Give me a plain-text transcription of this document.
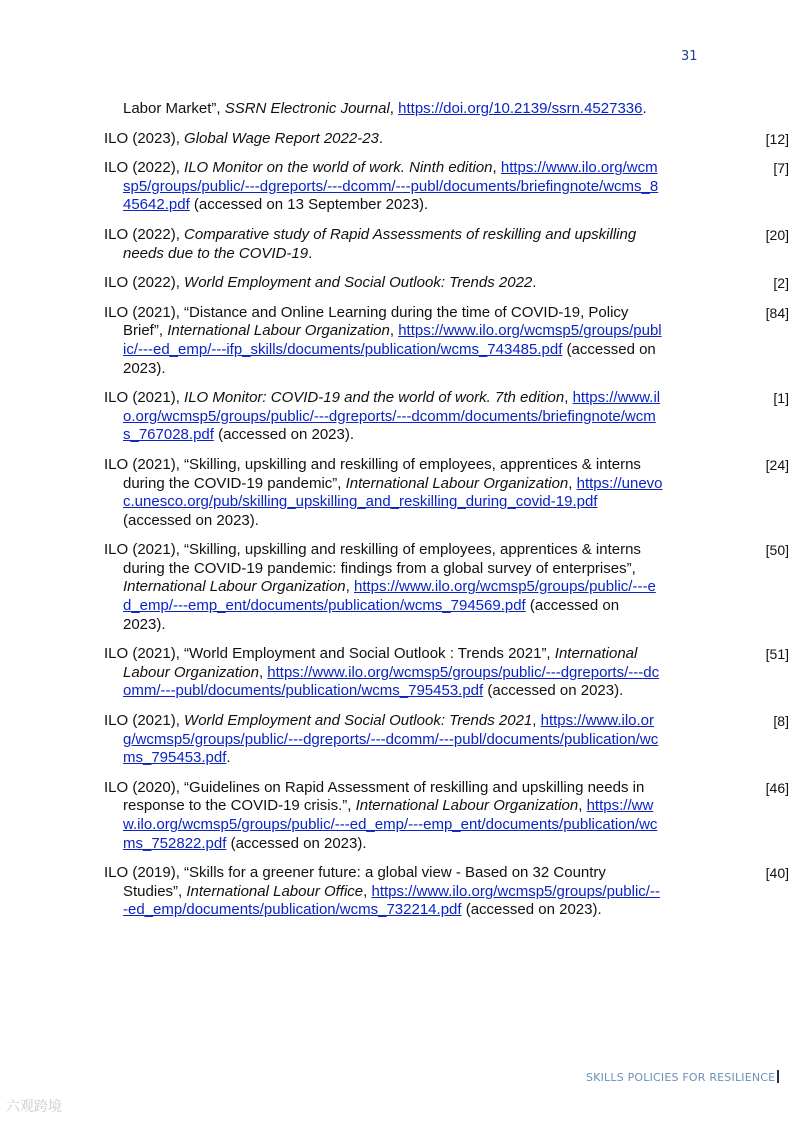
31
Labor Market”, SSRN Electronic Journal, https://doi.org/10.2139/ssrn.4527336.
ILO (2023), Global Wage Report 2022-23.	[12]
ILO (2022), ILO Monitor on the world of work. Ninth edition, https://www.ilo.org/wcmsp5/groups/public/---dgreports/---dcomm/---publ/documents/briefingnote/wcms_845642.pdf (accessed on 13 September 2023).
[7]
ILO (2022), Comparative study of Rapid Assessments of reskilling and upskilling needs due to the COVID-19.
[20]
ILO (2022), World Employment and Social Outlook: Trends 2022.	[2]
ILO (2021), “Distance and Online Learning during the time of COVID-19, Policy Brief”, International Labour Organization, https://www.ilo.org/wcmsp5/groups/public/---ed_emp/---ifp_skills/documents/publication/wcms_743485.pdf (accessed on 2023).
[84]
ILO (2021), ILO Monitor: COVID-19 and the world of work. 7th edition, https://www.ilo.org/wcmsp5/groups/public/---dgreports/---dcomm/documents/briefingnote/wcms_767028.pdf (accessed on 2023).
[1]
ILO (2021), “Skilling, upskilling and reskilling of employees, apprentices & interns during the COVID-19 pandemic”, International Labour Organization, https://unevoc.unesco.org/pub/skilling_upskilling_and_reskilling_during_covid-19.pdf (accessed on 2023).
[24]
ILO (2021), “Skilling, upskilling and reskilling of employees, apprentices & interns during the COVID-19 pandemic: findings from a global survey of enterprises”, International Labour Organization, https://www.ilo.org/wcmsp5/groups/public/---ed_emp/---emp_ent/documents/publication/wcms_794569.pdf (accessed on 2023).
[50]
ILO (2021), “World Employment and Social Outlook : Trends 2021”, International Labour Organization, https://www.ilo.org/wcmsp5/groups/public/---dgreports/---dcomm/---publ/documents/publication/wcms_795453.pdf (accessed on 2023).
[51]
ILO (2021), World Employment and Social Outlook: Trends 2021, https://www.ilo.org/wcmsp5/groups/public/---dgreports/---dcomm/---publ/documents/publication/wcms_795453.pdf.
[8]
ILO (2020), “Guidelines on Rapid Assessment of reskilling and upskilling needs in response to the COVID-19 crisis.”, International Labour Organization, https://www.ilo.org/wcmsp5/groups/public/---ed_emp/---emp_ent/documents/publication/wcms_752822.pdf (accessed on 2023).
[46]
ILO (2019), “Skills for a greener future: a global view - Based on 32 Country Studies”, International Labour Office, https://www.ilo.org/wcmsp5/groups/public/---ed_emp/documents/publication/wcms_732214.pdf (accessed on 2023).
[40]
SKILLS POLICIES FOR RESILIENCE
六观跨境
